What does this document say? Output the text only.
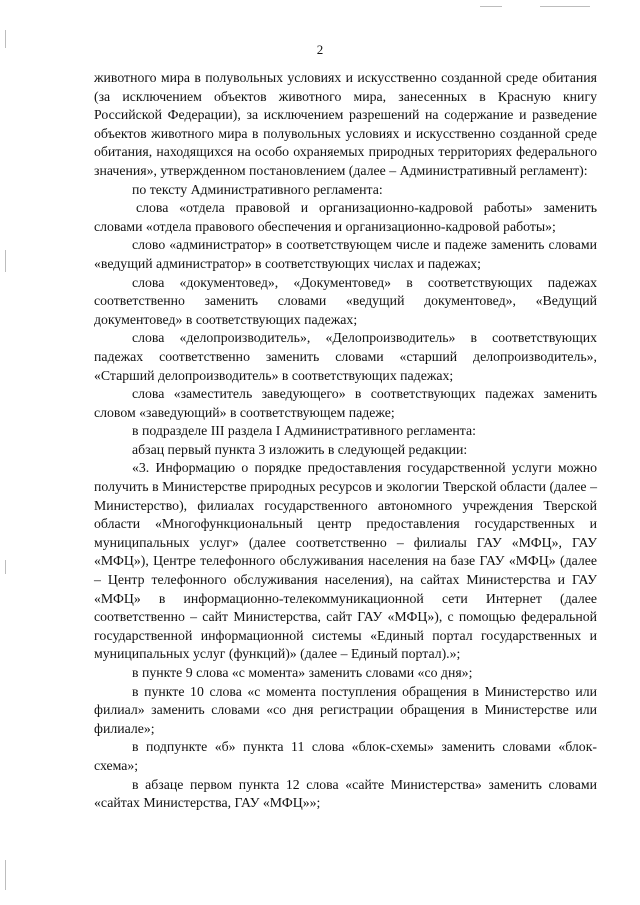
2

животного мира в полувольных условиях и искусственно созданной среде обитания (за исключением объектов животного мира, занесенных в Красную книгу Российской Федерации), за исключением разрешений на содержание и разведение объектов животного мира в полувольных условиях и искусственно созданной среде обитания, находящихся на особо охраняемых природных территориях федерального значения», утвержденном постановлением (далее – Административный регламент):

по тексту Административного регламента:

слова «отдела правовой и организационно-кадровой работы» заменить словами «отдела правового обеспечения и организационно-кадровой работы»;

слово «администратор» в соответствующем числе и падеже заменить словами «ведущий администратор» в соответствующих числах и падежах;

слова «документовед», «Документовед» в соответствующих падежах соответственно заменить словами «ведущий документовед», «Ведущий документовед» в соответствующих падежах;

слова «делопроизводитель», «Делопроизводитель» в соответствующих падежах соответственно заменить словами «старший делопроизводитель», «Старший делопроизводитель» в соответствующих падежах;

слова «заместитель заведующего» в соответствующих падежах заменить словом «заведующий» в соответствующем падеже;

в подразделе III раздела I Административного регламента:

абзац первый пункта 3 изложить в следующей редакции:

«3. Информацию о порядке предоставления государственной услуги можно получить в Министерстве природных ресурсов и экологии Тверской области (далее – Министерство), филиалах государственного автономного учреждения Тверской области «Многофункциональный центр предоставления государственных и муниципальных услуг» (далее соответственно – филиалы ГАУ «МФЦ», ГАУ «МФЦ»), Центре телефонного обслуживания населения на базе ГАУ «МФЦ» (далее – Центр телефонного обслуживания населения), на сайтах Министерства и ГАУ «МФЦ» в информационно-телекоммуникационной сети Интернет (далее соответственно – сайт Министерства, сайт ГАУ «МФЦ»), с помощью федеральной государственной информационной системы «Единый портал государственных и муниципальных услуг (функций)» (далее – Единый портал).»;

в пункте 9 слова «с момента» заменить словами «со дня»;

в пункте 10 слова «с момента поступления обращения в Министерство или филиал» заменить словами «со дня регистрации обращения в Министерстве или филиале»;

в подпункте «б» пункта 11 слова «блок-схемы» заменить словами «блок-схема»;

в абзаце первом пункта 12 слова «сайте Министерства» заменить словами «сайтах Министерства, ГАУ «МФЦ»»;
